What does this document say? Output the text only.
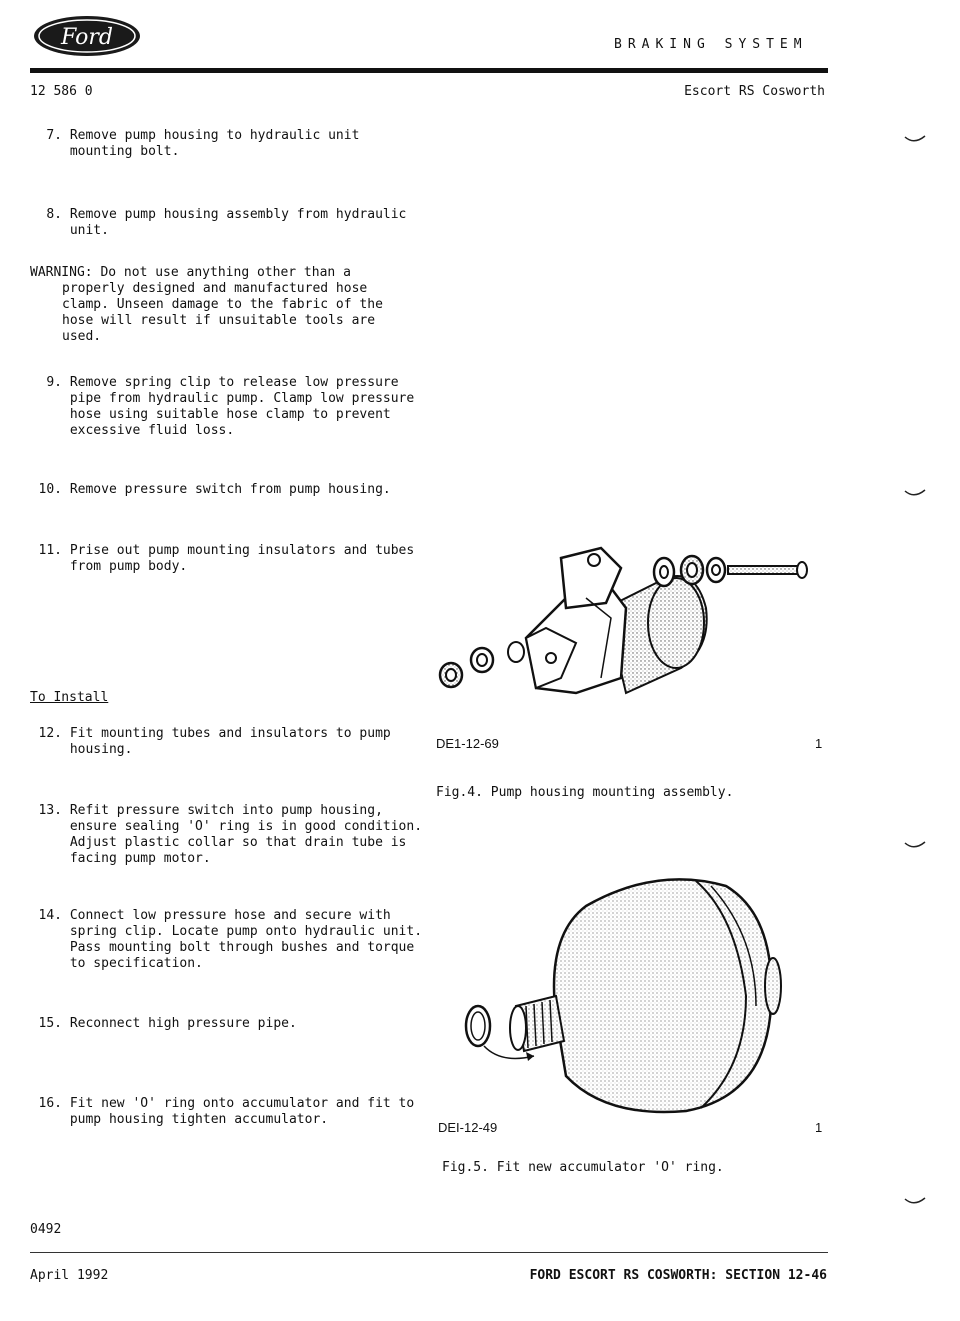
Ford	BRAKING SYSTEM
12 586 0	Escort RS Cosworth
7. Remove pump housing to hydraulic unit
mounting bolt.
8. Remove pump housing assembly from hydraulic
unit.
WARNING: Do not use anything other than a
properly designed and manufactured hose
clamp. Unseen damage to the fabric of the
hose will result if unsuitable tools are
used.
9. Remove spring clip to release low pressure
pipe from hydraulic pump. Clamp low pressure
hose using suitable hose clamp to prevent
excessive fluid loss.
10. Remove pressure switch from pump housing.
11. Prise out pump mounting insulators and tubes
from pump body.
To Install
12. Fit mounting tubes and insulators to pump
housing.
13. Refit pressure switch into pump housing,
ensure sealing 'O' ring is in good condition.
Adjust plastic collar so that drain tube is
facing pump motor.
14. Connect low pressure hose and secure with
spring clip. Locate pump onto hydraulic unit.
Pass mounting bolt through bushes and torque
to specification.
15. Reconnect high pressure pipe.
16. Fit new 'O' ring onto accumulator and fit to
pump housing tighten accumulator.
DE1-12-69	1
Fig.4. Pump housing mounting assembly.
DEI-12-49	1
Fig.5. Fit new accumulator 'O' ring.
0492
April 1992	FORD ESCORT RS COSWORTH: SECTION 12-46
